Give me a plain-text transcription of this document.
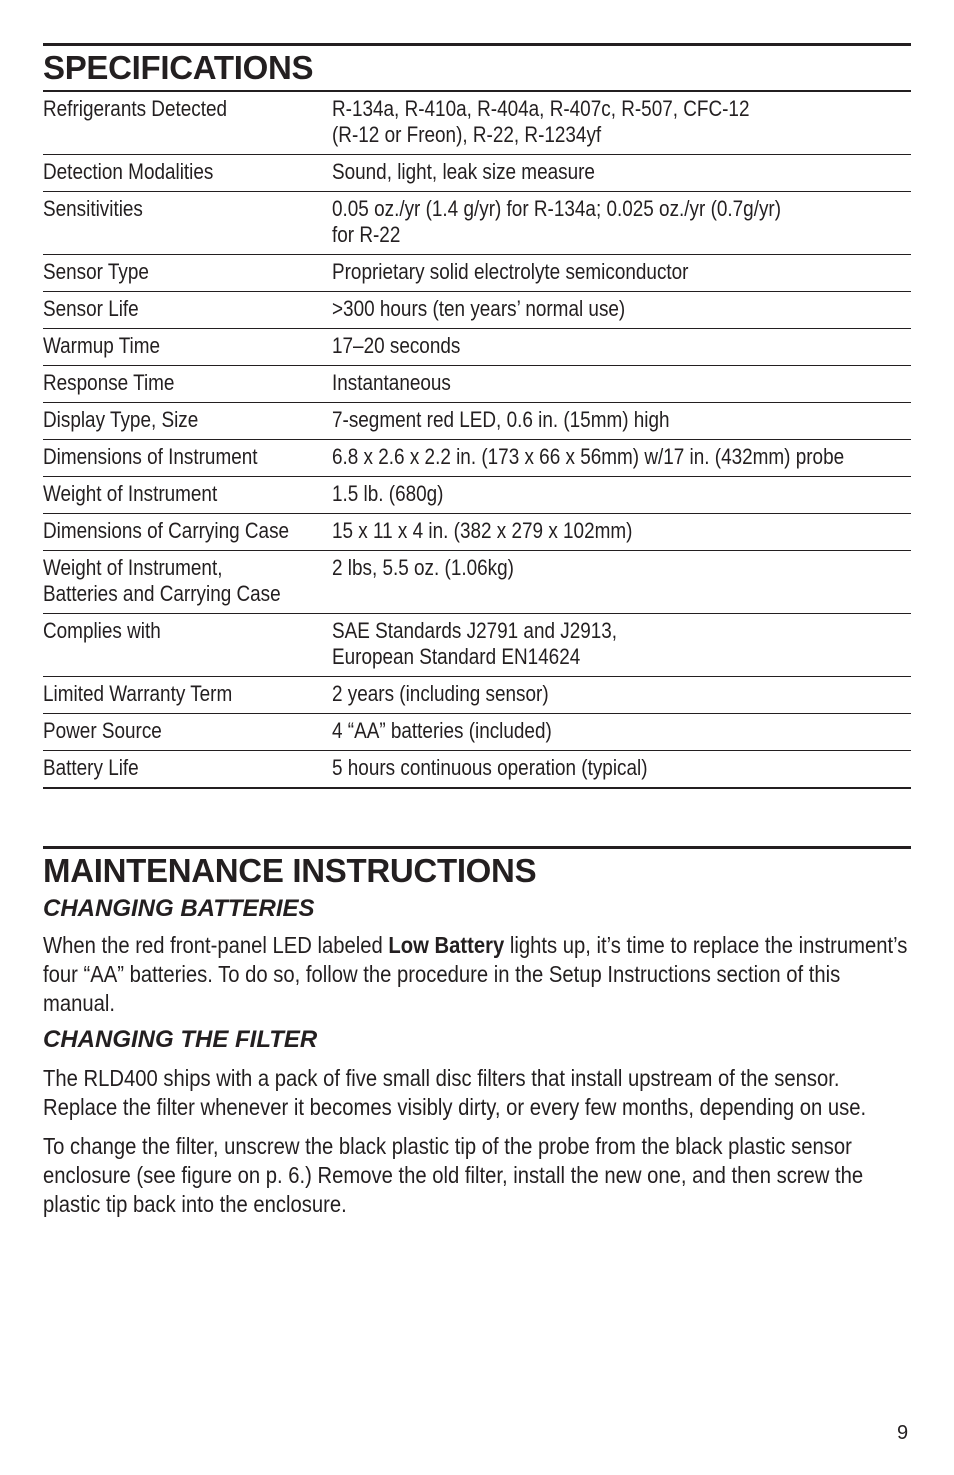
SPECIFICATIONS
Refrigerants Detected	R-134a, R-410a, R-404a, R-407c, R-507, CFC-12
(R-12 or Freon), R-22, R-1234yf
Detection Modalities	Sound, light, leak size measure
Sensitivities	0.05 oz./yr (1.4 g/yr) for R-134a; 0.025 oz./yr (0.7g/yr)
for R-22
Sensor Type	Proprietary solid electrolyte semiconductor
Sensor Life	>300 hours (ten years’ normal use)
Warmup Time	17–20 seconds
Response Time	Instantaneous
Display Type, Size	7-segment red LED, 0.6 in. (15mm) high
Dimensions of Instrument	6.8 x 2.6 x 2.2 in. (173 x 66 x 56mm) w/17 in. (432mm) probe
Weight of Instrument	1.5 lb. (680g)
Dimensions of Carrying Case	15 x 11 x 4 in. (382 x 279 x 102mm)
Weight of Instrument,
Batteries and Carrying Case	2 lbs, 5.5 oz. (1.06kg)
Complies with	SAE Standards J2791 and J2913,
European Standard EN14624
Limited Warranty Term	2 years (including sensor)
Power Source	4 “AA” batteries (included)
Battery Life	5 hours continuous operation (typical)
MAINTENANCE INSTRUCTIONS
CHANGING BATTERIES

When the red front-panel LED labeled Low Battery lights up, it’s time to replace the instrument’s four “AA” batteries. To do so, follow the procedure in the Setup Instructions section of this manual.

CHANGING THE FILTER

The RLD400 ships with a pack of five small disc filters that install upstream of the sensor. Replace the filter whenever it becomes visibly dirty, or every few months, depending on use.

To change the filter, unscrew the black plastic tip of the probe from the black plastic sensor enclosure (see figure on p. 6.) Remove the old filter, install the new one, and then screw the plastic tip back into the enclosure.

9
